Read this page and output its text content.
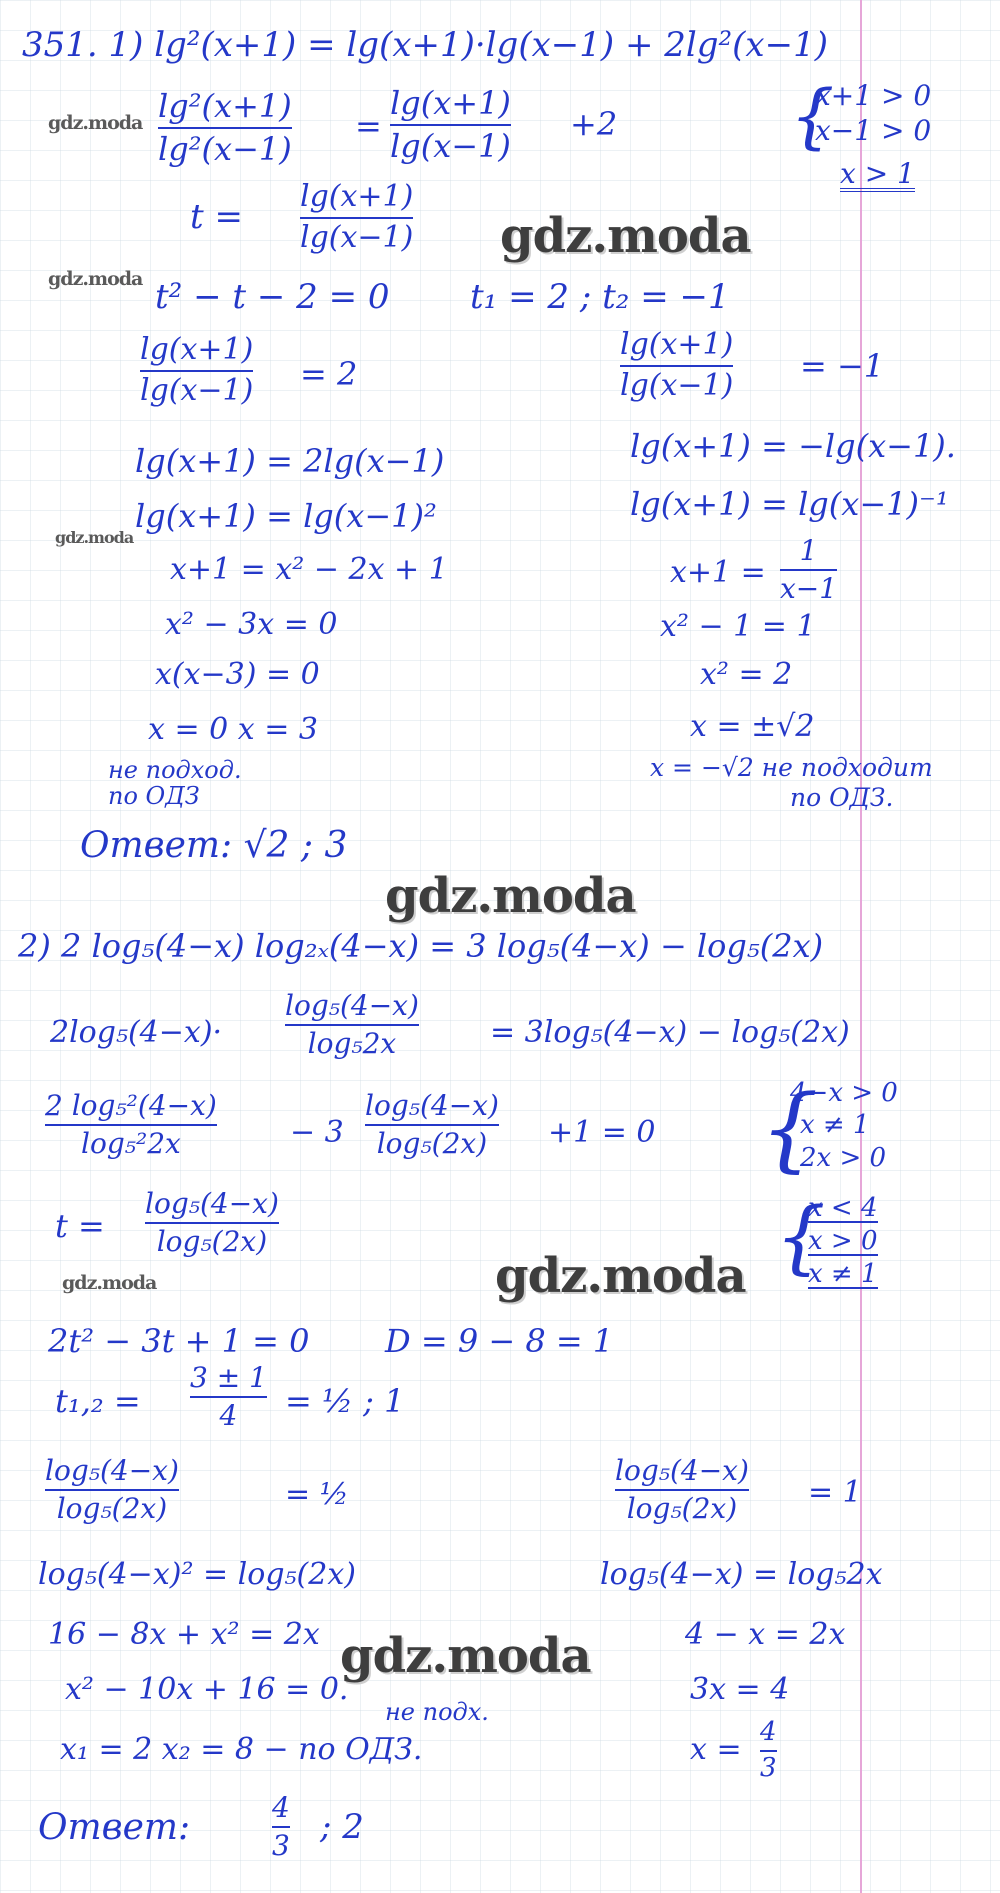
gdz.moda
gdz.moda
gdz.moda
gdz.moda
gdz.moda
gdz.moda
gdz.moda
gdz.moda
351. 1) lg²(x+1) = lg(x+1)·lg(x−1) + 2lg²(x−1)
lg²(x+1)
lg²(x−1)
=
lg(x+1)
lg(x−1)
+2 {
x+1 > 0
x−1 > 0
x > 1
t =
lg(x+1)
lg(x−1)
t² − t − 2 = 0 t₁ = 2 ; t₂ = −1
lg(x+1)
lg(x−1) = 2
lg(x+1) = 2lg(x−1)
lg(x+1) = lg(x−1)²
x+1 = x² − 2x + 1
x² − 3x = 0
x(x−3) = 0
x = 0 x = 3
не подход.
по ОДЗ
lg(x+1)
lg(x−1) = −1
lg(x+1) = −lg(x−1).
lg(x+1) = lg(x−1)⁻¹
x+1 =
1
x−1
x² − 1 = 1
x² = 2
x = ±√2
x = −√2 не подходит
по ОДЗ.
Ответ: √2 ; 3
2) 2 log₅(4−x) log₂ₓ(4−x) = 3 log₅(4−x) − log₅(2x)
2log₅(4−x)·
log₅(4−x)
log₅2x	= 3log₅(4−x) − log₅(2x)
2 log₅²(4−x)
log₅²2x	− 3
log₅(4−x)
log₅(2x)	+1 = 0 {
4−x > 0
x ≠ 1
2x > 0
t =
log₅(4−x)
log₅(2x)	{
x < 4
x > 0
x ≠ 1
2t² − 3t + 1 = 0 D = 9 − 8 = 1
t₁,₂ =
3 ± 1
4	= ½ ; 1
log₅(4−x)
log₅(2x)	= ½
log₅(4−x)
log₅(2x)	= 1
log₅(4−x)² = log₅(2x)
16 − 8x + x² = 2x
x² − 10x + 16 = 0.
не подх.
x₁ = 2 x₂ = 8 − по ОДЗ.
log₅(4−x) = log₅2x
4 − x = 2x
3x = 4
x = 4
3
Ответ:	4
3 ; 2
